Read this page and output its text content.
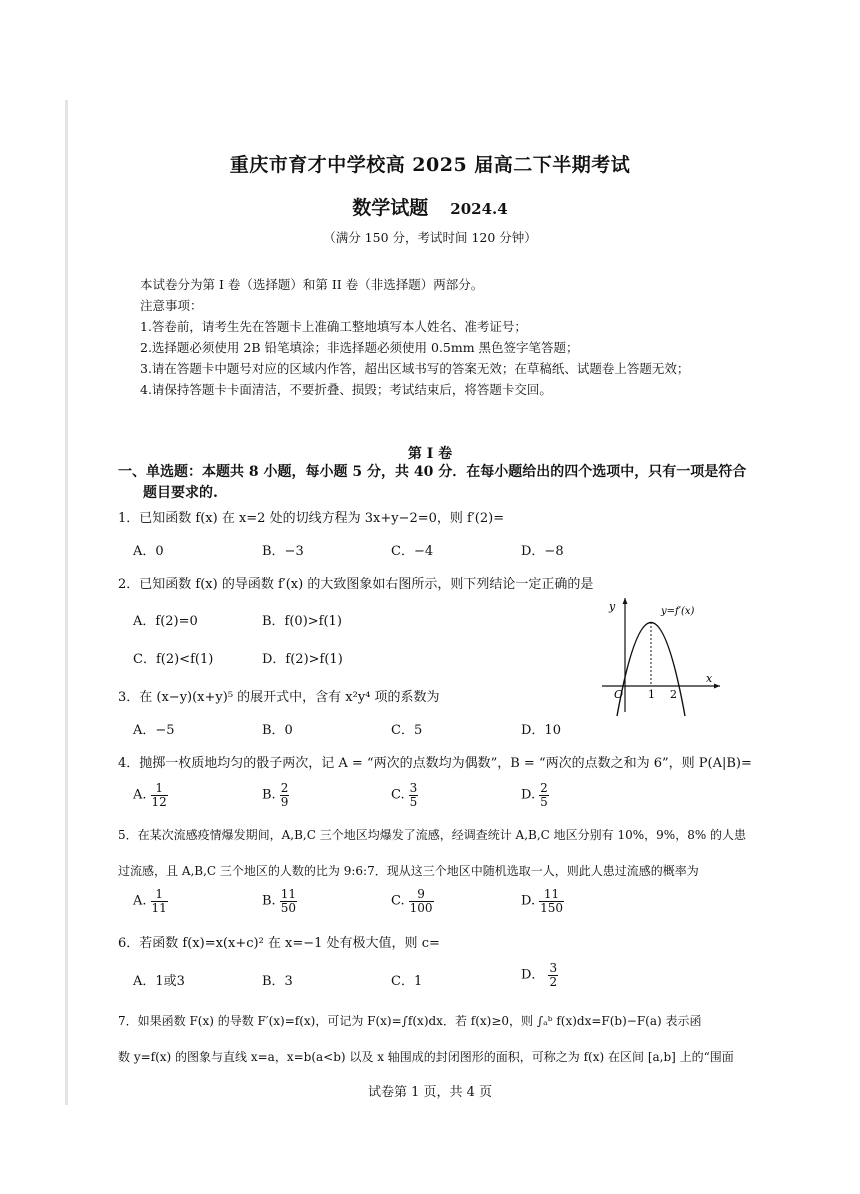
重庆市育才中学校高 2025 届高二下半期考试
数学试题 2024.4
（满分 150 分，考试时间 120 分钟）
本试卷分为第 I 卷（选择题）和第 II 卷（非选择题）两部分。
注意事项：
1.答卷前，请考生先在答题卡上准确工整地填写本人姓名、准考证号；
2.选择题必须使用 2B 铅笔填涂；非选择题必须使用 0.5mm 黑色签字笔答题；
3.请在答题卡中题号对应的区域内作答，超出区域书写的答案无效；在草稿纸、试题卷上答题无效；
4.请保持答题卡卡面清洁，不要折叠、损毁；考试结束后，将答题卡交回。
第 I 卷
一、单选题：本题共 8 小题，每小题 5 分，共 40 分．在每小题给出的四个选项中，只有一项是符合
题目要求的.
1．已知函数 f(x) 在 x=2 处的切线方程为 3x+y−2=0，则 f′(2)=
A．0	B．−3	C．−4	D．−8
2．已知函数 f(x) 的导函数 f′(x) 的大致图象如右图所示，则下列结论一定正确的是
A．f(2)=0	B．f(0)>f(1)
C．f(2)<f(1)	D．f(2)>f(1)
y
x
y=f′(x)
O 1 2
3．在 (x−y)(x+y)⁵ 的展开式中，含有 x²y⁴ 项的系数为
A．−5	B．0	C．5	D．10
4．抛掷一枚质地均匀的骰子两次，记 A = “两次的点数均为偶数”，B = “两次的点数之和为 6”，则 P(A|B)=
A. $\frac{1}{12}$	B. $\frac{2}{9}$	C. $\frac{3}{5}$	D. $\frac{2}{5}$
5．在某次流感疫情爆发期间，A,B,C 三个地区均爆发了流感，经调查统计 A,B,C 地区分别有 10%，9%，8% 的人患
过流感，且 A,B,C 三个地区的人数的比为 9:6:7．现从这三个地区中随机选取一人，则此人患过流感的概率为
A. $\frac{1}{11}$	B. $\frac{11}{50}$	C. $\frac{9}{100}$	D. $\frac{11}{150}$
6．若函数 f(x)=x(x+c)² 在 x=−1 处有极大值，则 c=
A．1或3	B．3	C．1	D． $\frac{3}{2}$
7．如果函数 F(x) 的导数 F′(x)=f(x)，可记为 F(x)=∫f(x)dx．若 f(x)≥0，则 ∫ₐᵇ f(x)dx=F(b)−F(a) 表示函
数 y=f(x) 的图象与直线 x=a，x=b(a<b) 以及 x 轴围成的封闭图形的面积，可称之为 f(x) 在区间 [a,b] 上的“围面
试卷第 1 页，共 4 页
